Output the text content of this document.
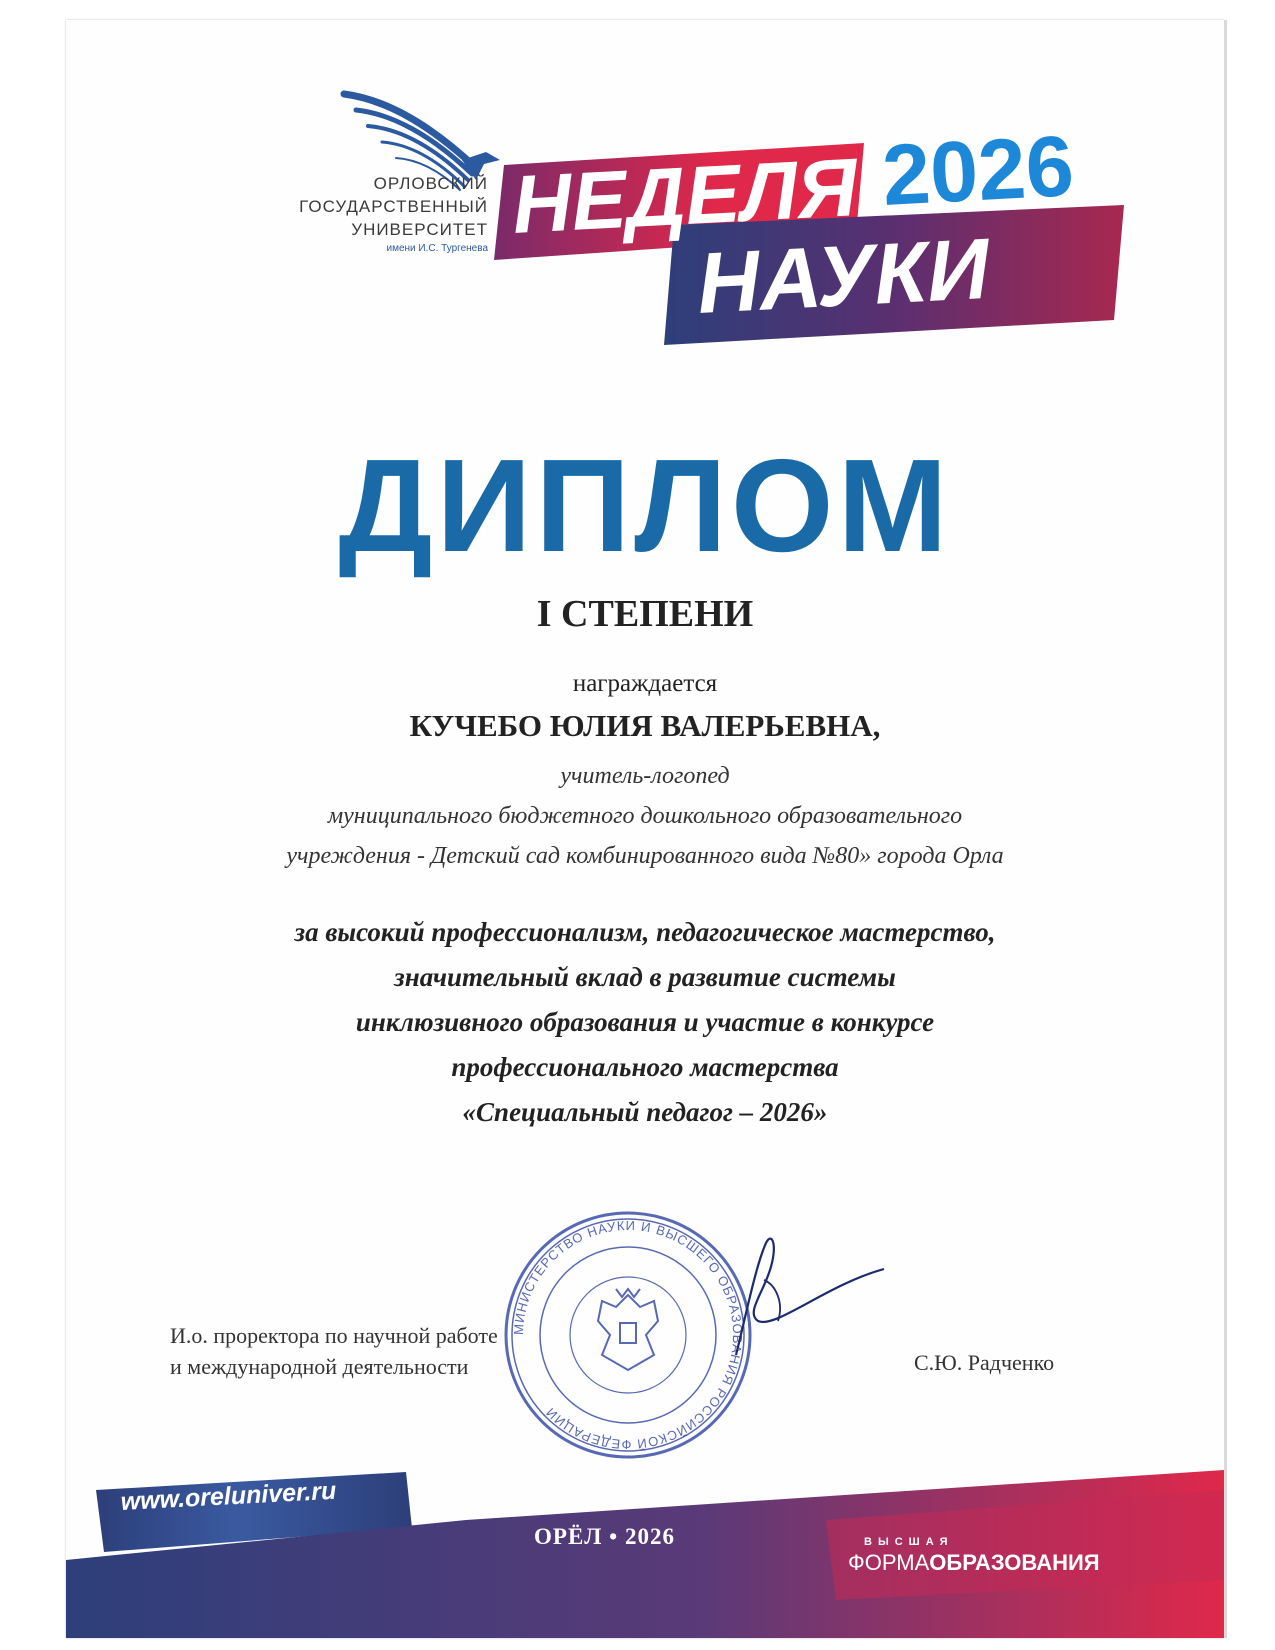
ОРЛОВСКИЙ
ГОСУДАРСТВЕННЫЙ
УНИВЕРСИТЕТ
имени И.С. Тургенева НЕДЕЛЯ 2026
НАУКИ
ДИПЛОМ
I СТЕПЕНИ
награждается
КУЧЕБО ЮЛИЯ ВАЛЕРЬЕВНА,
учитель-логопед
муниципального бюджетного дошкольного образовательного
учреждения - Детский сад комбинированного вида №80» города Орла
за высокий профессионализм, педагогическое мастерство,
значительный вклад в развитие системы
инклюзивного образования и участие в конкурсе
профессионального мастерства
«Специальный педагог – 2026»
И.о. проректора по научной работе
и международной деятельности	С.Ю. Радченко
МИНИСТЕРСТВО НАУКИ И ВЫСШЕГО ОБРАЗОВАНИЯ РОССИЙСКОЙ ФЕДЕРАЦИИ
www.oreluniver.ru
ОРЁЛ • 2026	ВЫСШАЯ
ФОРМАОБРАЗОВАНИЯ
